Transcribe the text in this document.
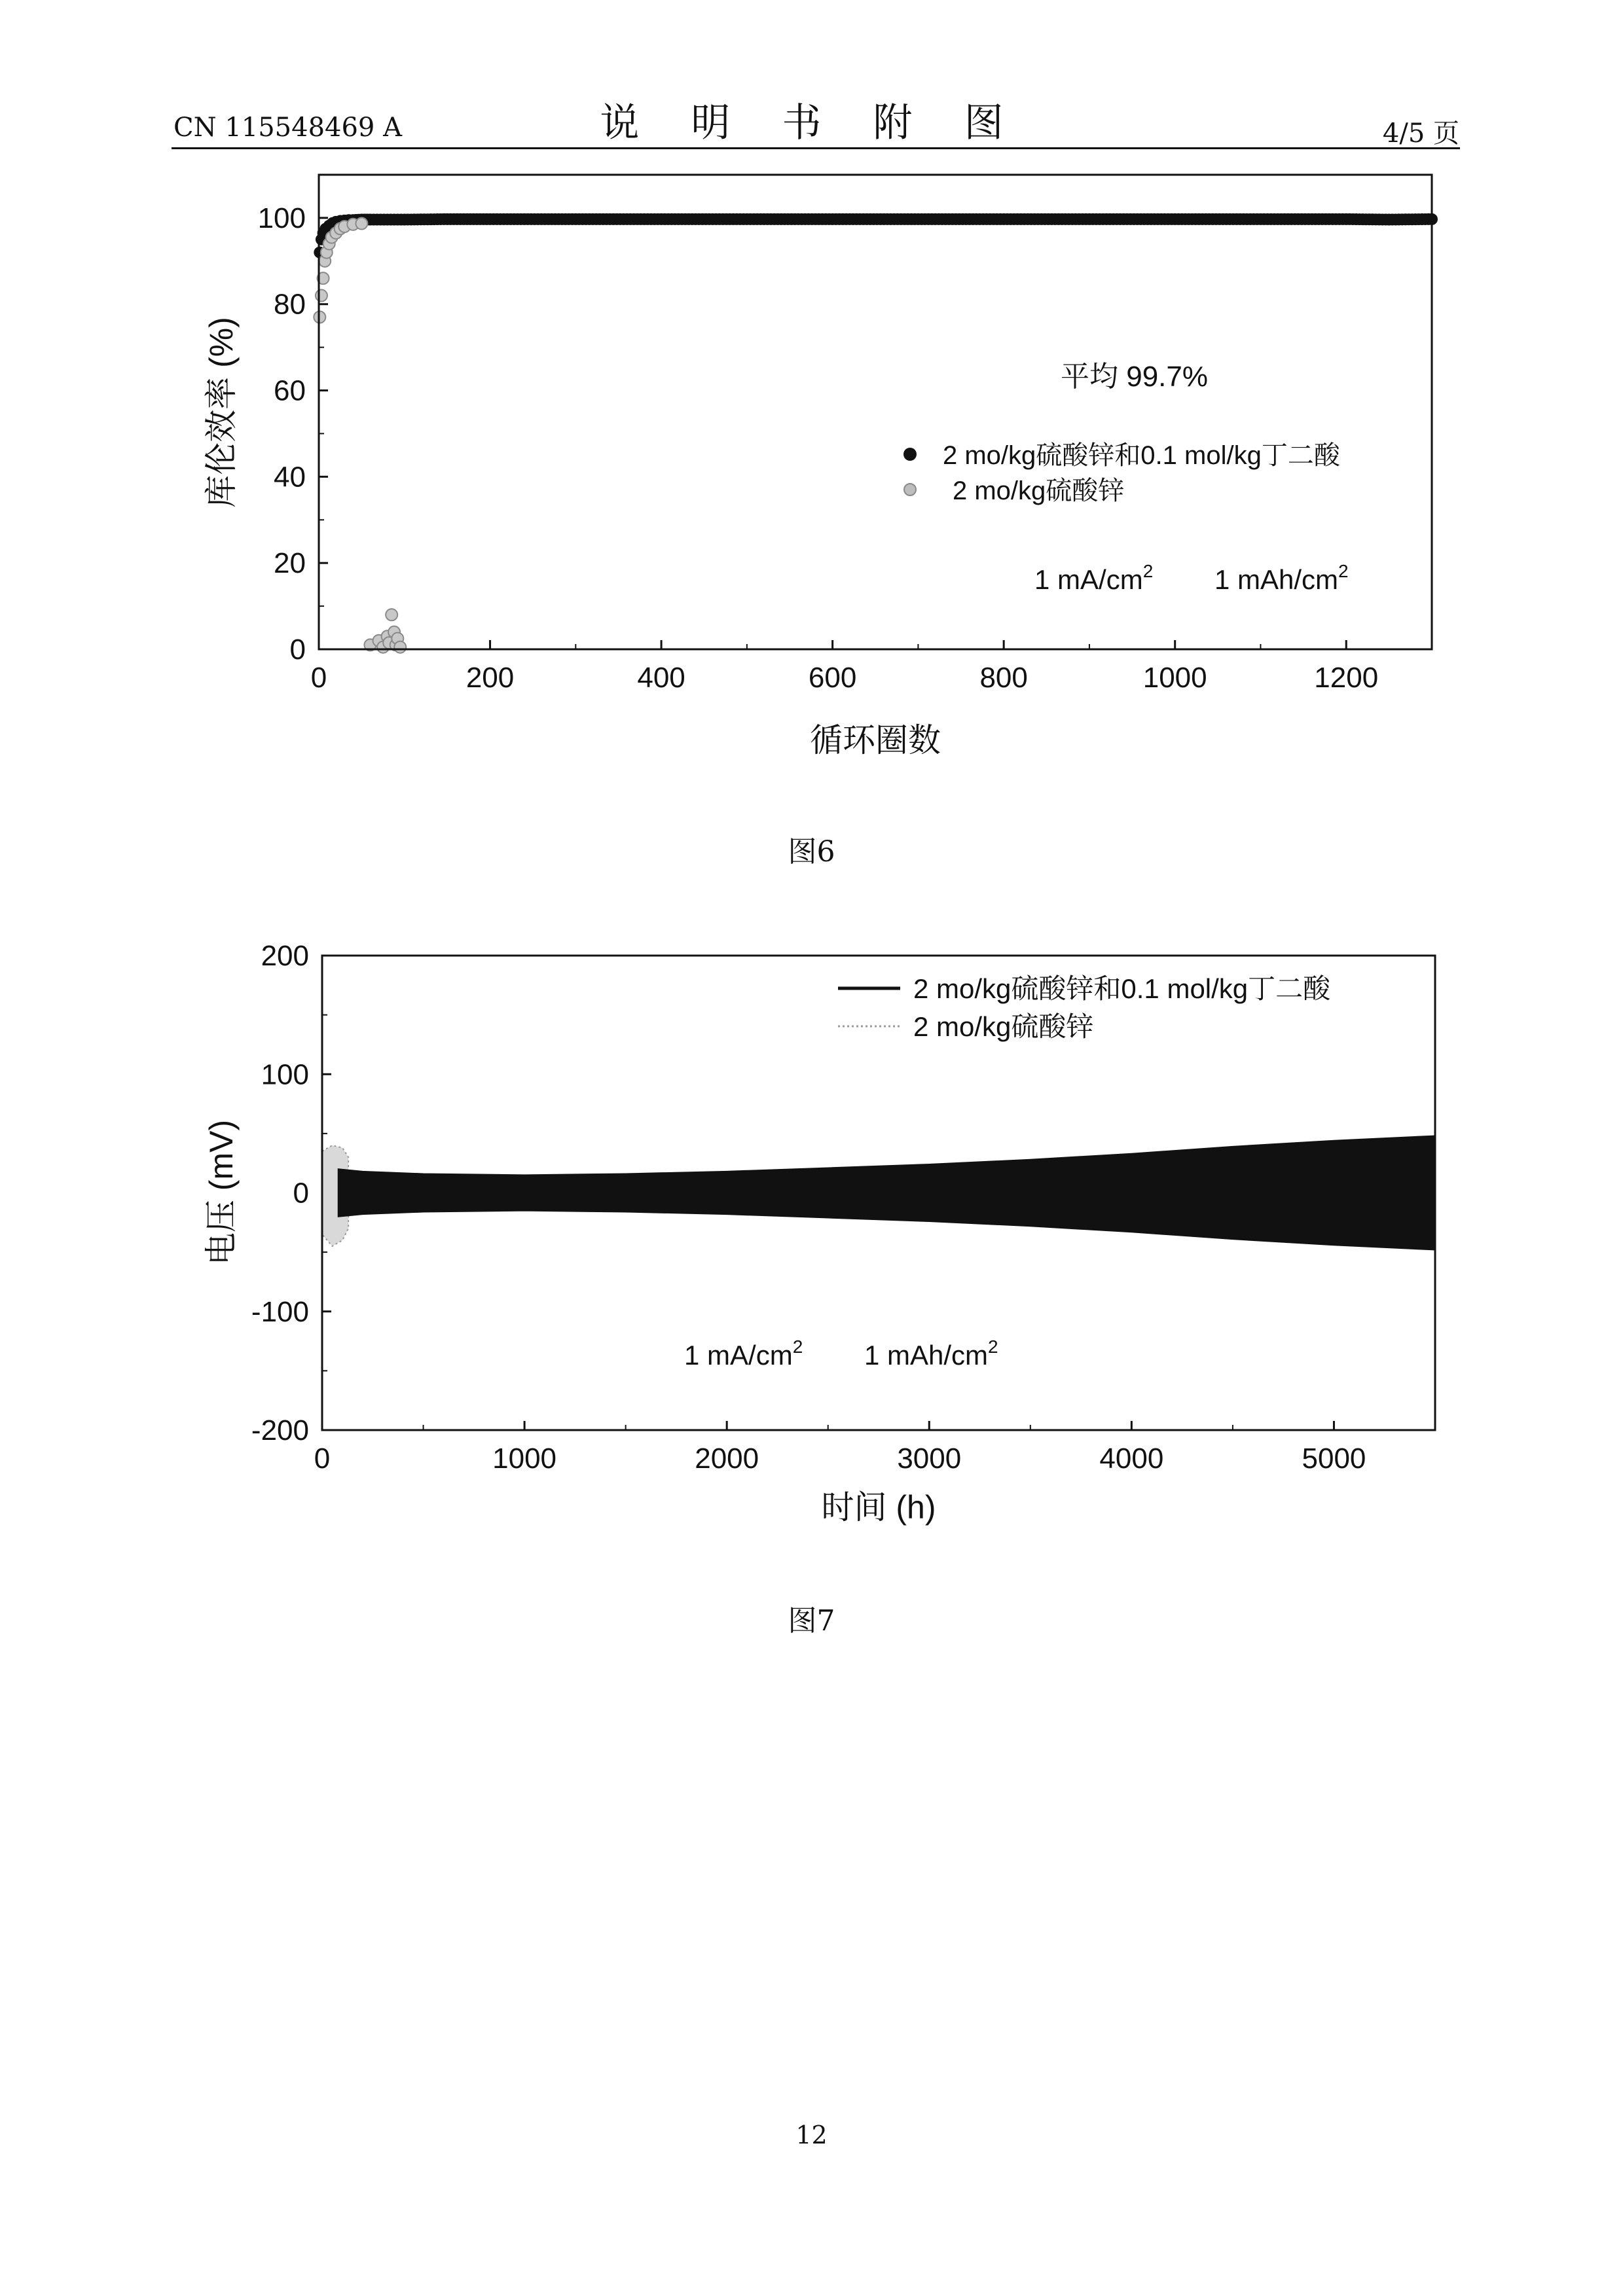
CN 115548469 A	说 明 书 附 图	4/5 页
0	200	400	600	800	1000	1200
0
20
40
60
80
100
循环圈数
库伦效率 (%)	平均 99.7%
2 mo/kg硫酸锌和0.1 mol/kg丁二酸
2 mo/kg硫酸锌
1 $mA/cm^2$ 1 mAh/$cm^2$
图6
0	1000	2000	3000	4000	5000
-200
-100
0
100
200
时间 (h)
电压 (mV)
2 mo/kg硫酸锌和0.1 mol/kg丁二酸
2 mo/kg硫酸锌
1 $mA/cm^2$ 1 mAh/$cm^2$
图7
12
